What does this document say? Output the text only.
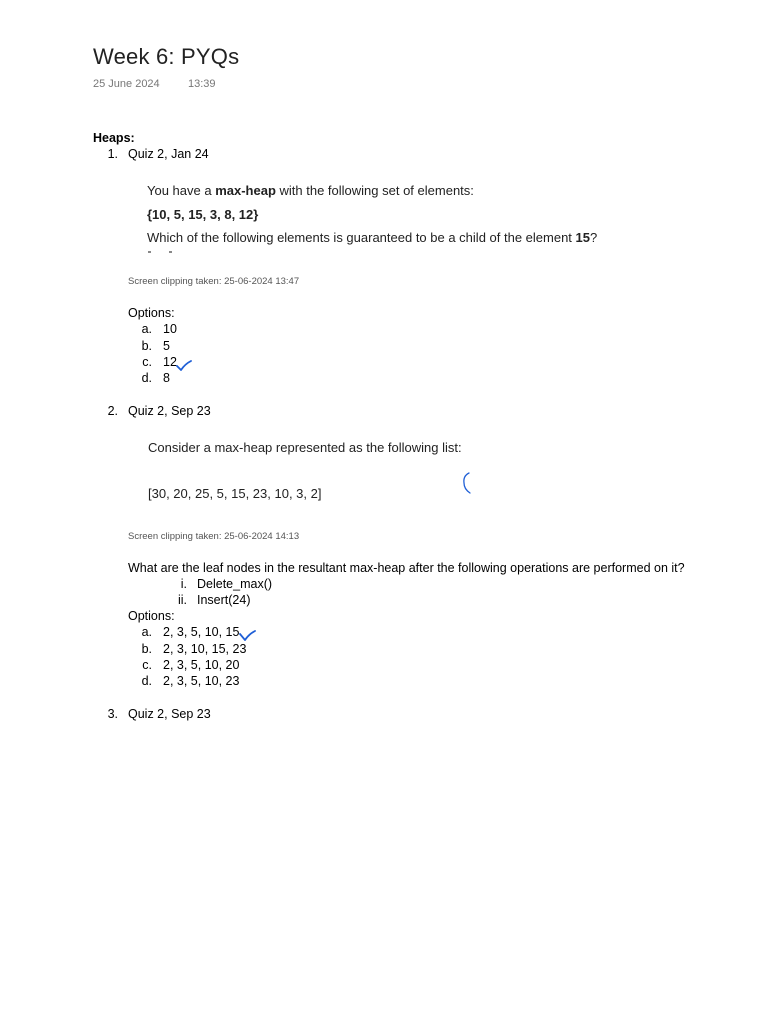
Week 6: PYQs
25 June 2024	13:39
Heaps:
1. Quiz 2, Jan 24
You have a max-heap with the following set of elements:
{10, 5, 15, 3, 8, 12}
Which of the following elements is guaranteed to be a child of the element 15?
Screen clipping taken: 25-06-2024 13:47
Options:
a. 10
b. 5
c. 12
d. 8
2. Quiz 2, Sep 23
Consider a max-heap represented as the following list:
[30, 20, 25, 5, 15, 23, 10, 3, 2]
Screen clipping taken: 25-06-2024 14:13
What are the leaf nodes in the resultant max-heap after the following operations are performed on it?
i. Delete_max()
ii. Insert(24)
Options:
a. 2, 3, 5, 10, 15
b. 2, 3, 10, 15, 23
c. 2, 3, 5, 10, 20
d. 2, 3, 5, 10, 23
3. Quiz 2, Sep 23
